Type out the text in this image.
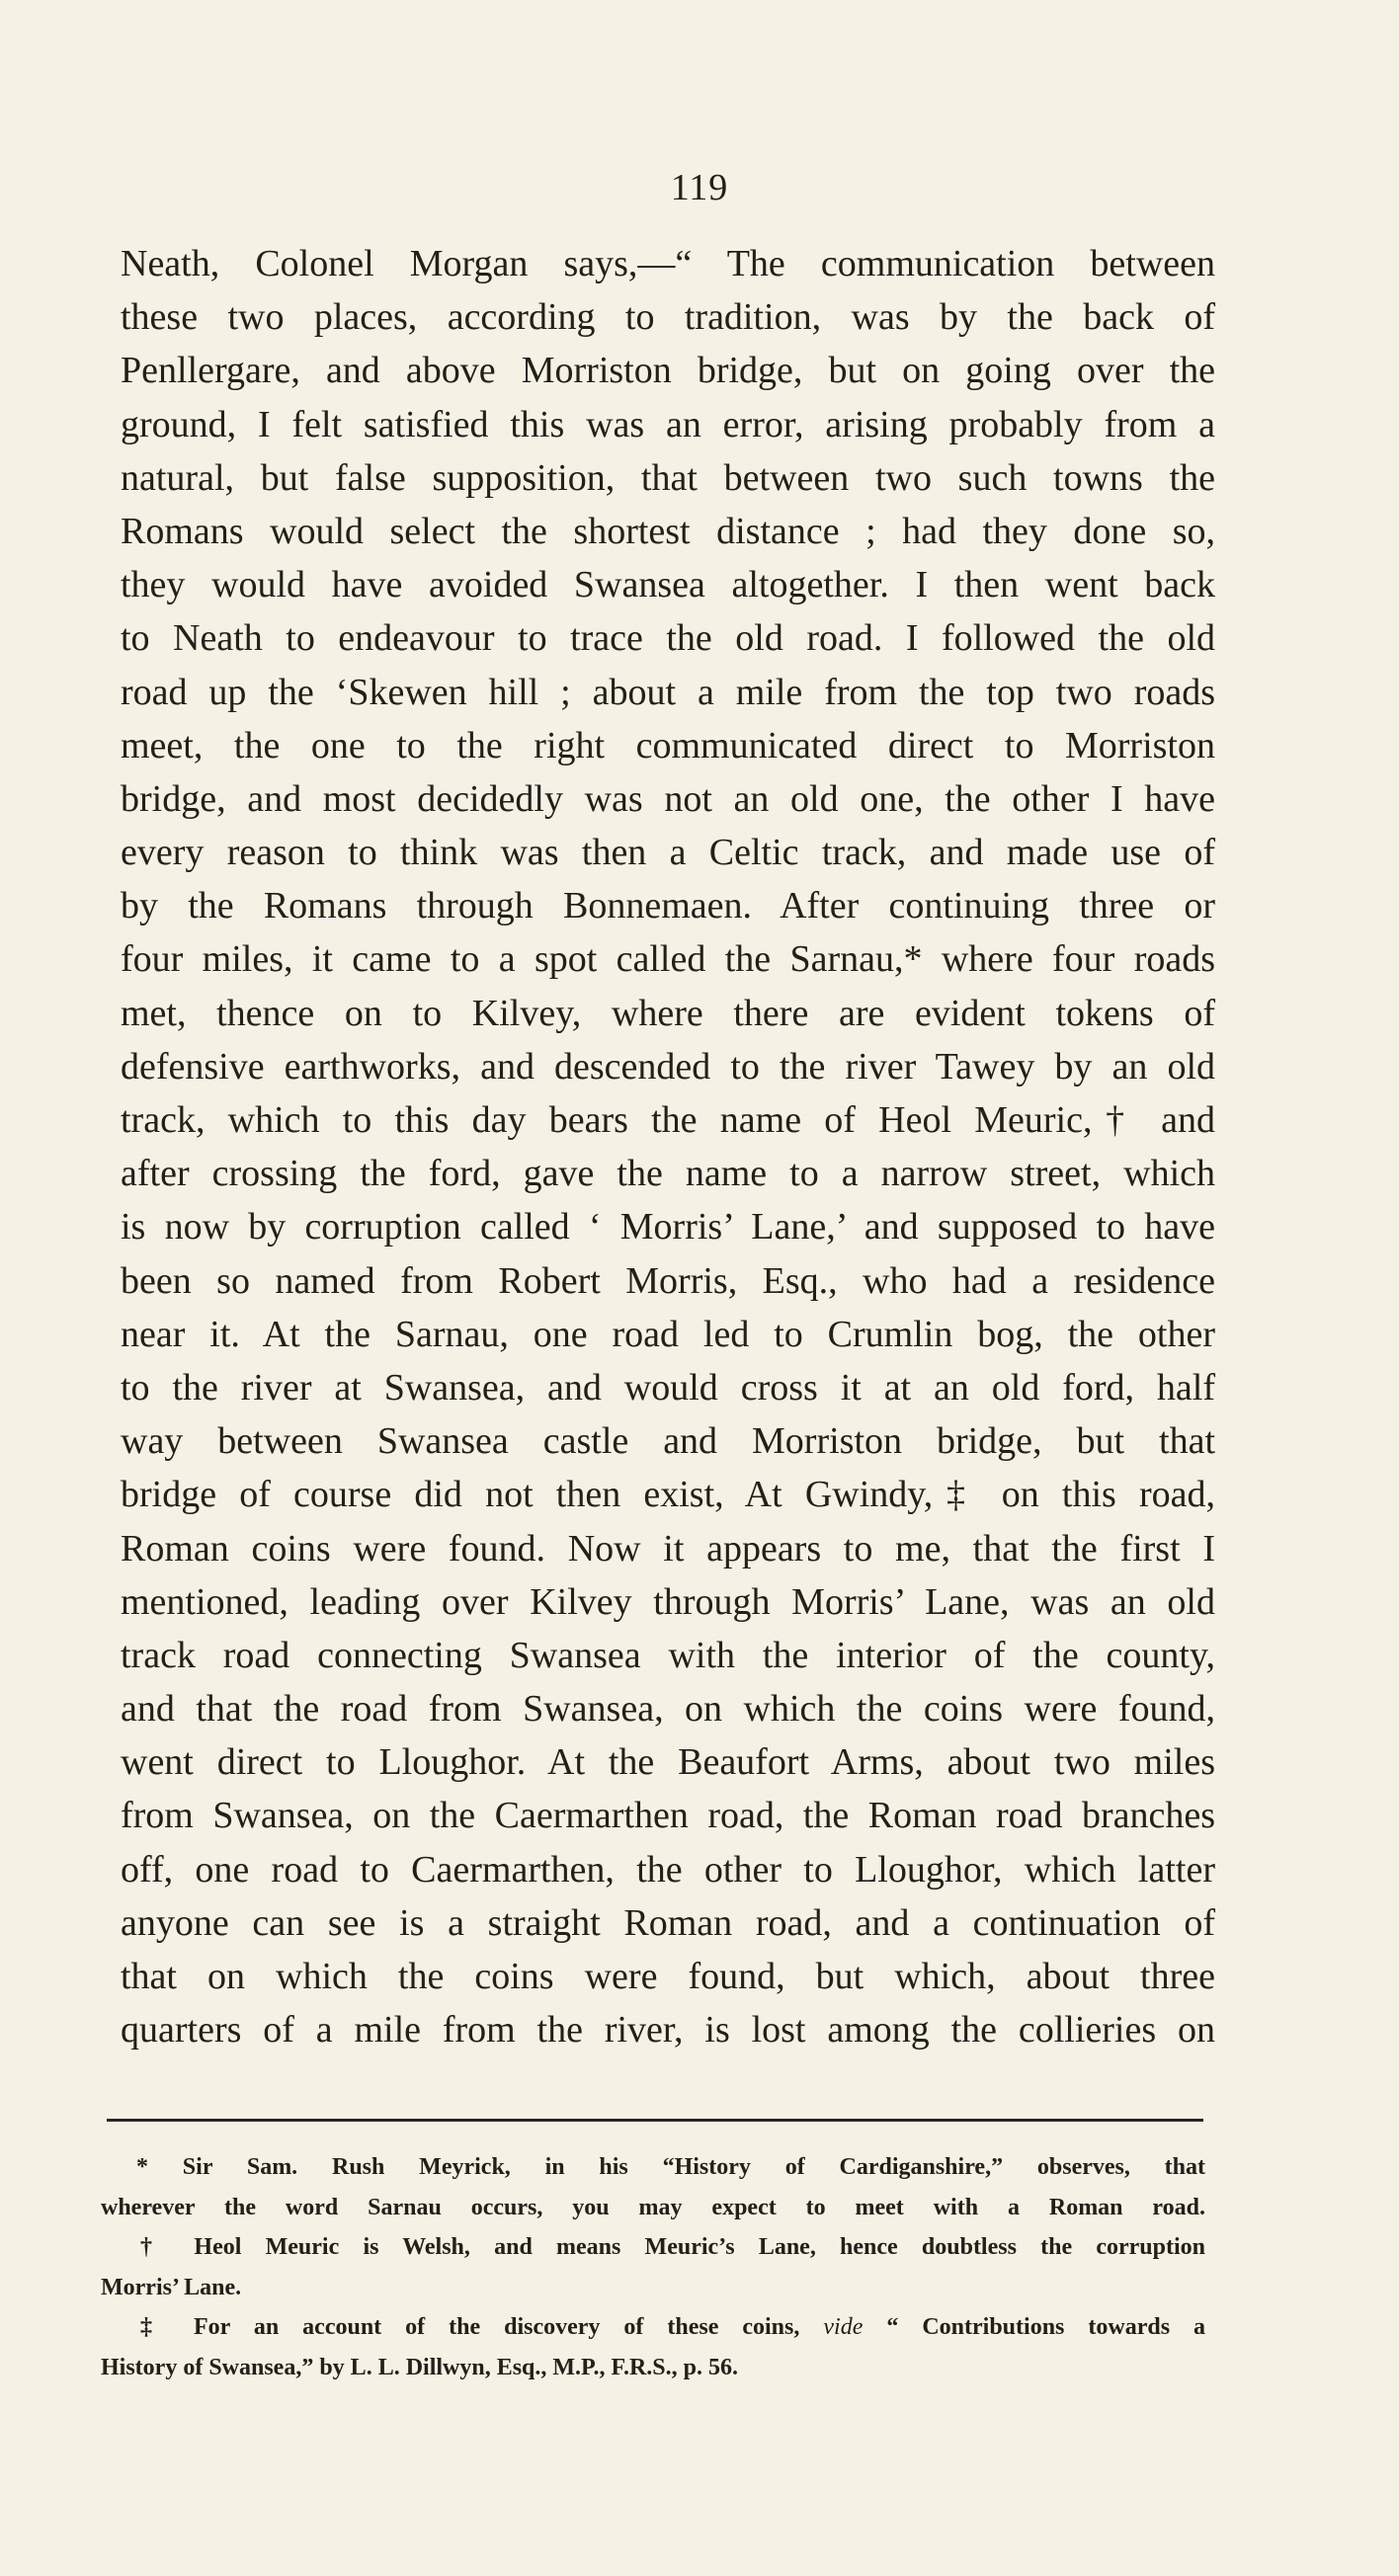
119
Neath, Colonel Morgan says,—“ The communication between
these two places, according to tradition, was by the back of
Penllergare, and above Morriston bridge, but on going over the
ground, I felt satisfied this was an error, arising probably from a
natural, but false supposition, that between two such towns the
Romans would select the shortest distance ; had they done so,
they would have avoided Swansea altogether. I then went back
to Neath to endeavour to trace the old road. I followed the old
road up the ‘Skewen hill ; about a mile from the top two roads
meet, the one to the right communicated direct to Morriston
bridge, and most decidedly was not an old one, the other I have
every reason to think was then a Celtic track, and made use of
by the Romans through Bonnemaen. After continuing three or
four miles, it came to a spot called the Sarnau,* where four roads
met, thence on to Kilvey, where there are evident tokens of
defensive earthworks, and descended to the river Tawey by an old
track, which to this day bears the name of Heol Meuric,† and
after crossing the ford, gave the name to a narrow street, which
is now by corruption called ‘ Morris’ Lane,’ and supposed to have
been so named from Robert Morris, Esq., who had a residence
near it. At the Sarnau, one road led to Crumlin bog, the other
to the river at Swansea, and would cross it at an old ford, half
way between Swansea castle and Morriston bridge, but that
bridge of course did not then exist, At Gwindy,‡ on this road,
Roman coins were found. Now it appears to me, that the first I
mentioned, leading over Kilvey through Morris’ Lane, was an old
track road connecting Swansea with the interior of the county,
and that the road from Swansea, on which the coins were found,
went direct to Lloughor. At the Beaufort Arms, about two miles
from Swansea, on the Caermarthen road, the Roman road branches
off, one road to Caermarthen, the other to Lloughor, which latter
anyone can see is a straight Roman road, and a continuation of
that on which the coins were found, but which, about three
quarters of a mile from the river, is lost among the collieries on
* Sir Sam. Rush Meyrick, in his “History of Cardiganshire,” observes, that
wherever the word Sarnau occurs, you may expect to meet with a Roman road.
† Heol Meuric is Welsh, and means Meuric’s Lane, hence doubtless the corruption
Morris’ Lane.
‡ For an account of the discovery of these coins, vide “ Contributions towards a
History of Swansea,” by L. L. Dillwyn, Esq., M.P., F.R.S., p. 56.
